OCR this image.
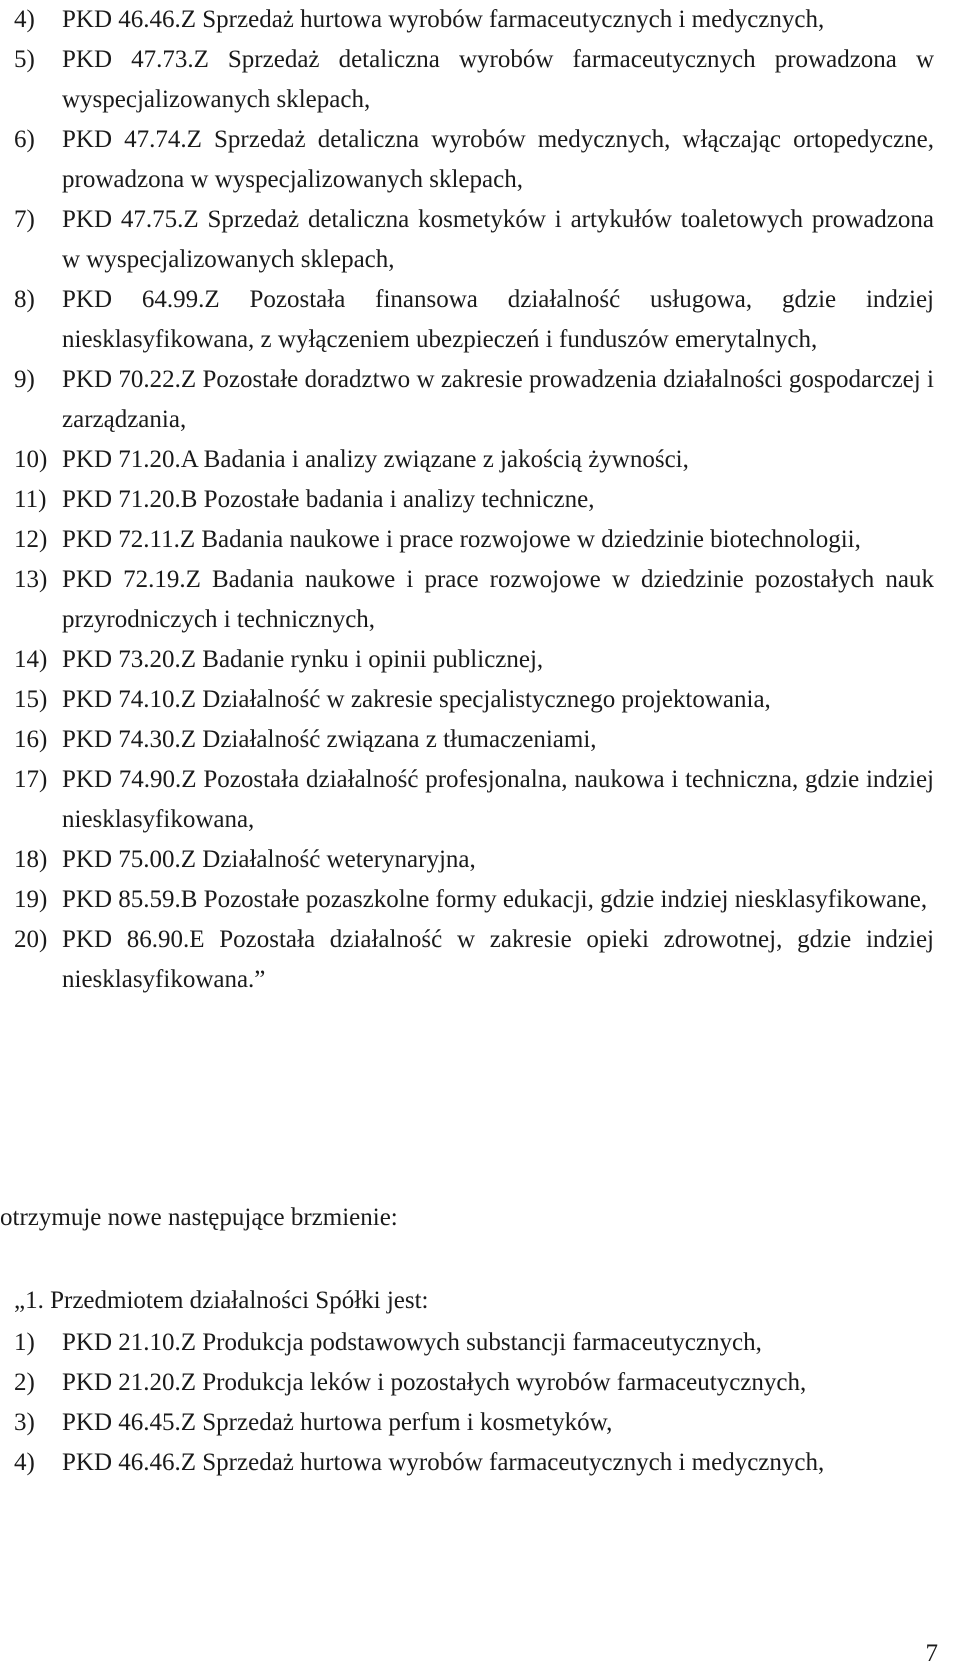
4)	PKD 46.46.Z Sprzedaż hurtowa wyrobów farmaceutycznych i medycznych,
5)	PKD 47.73.Z Sprzedaż detaliczna wyrobów farmaceutycznych prowadzona w wyspecjalizowanych sklepach,
6)	PKD 47.74.Z Sprzedaż detaliczna wyrobów medycznych, włączając ortopedyczne, prowadzona w wyspecjalizowanych sklepach,
7)	PKD 47.75.Z Sprzedaż detaliczna kosmetyków i artykułów toaletowych prowadzona w wyspecjalizowanych sklepach,
8)	PKD 64.99.Z Pozostała finansowa działalność usługowa, gdzie indziej niesklasyfikowana, z wyłączeniem ubezpieczeń i funduszów emerytalnych,
9)	PKD 70.22.Z Pozostałe doradztwo w zakresie prowadzenia działalności gospodarczej i zarządzania,
10) PKD 71.20.A Badania i analizy związane z jakością żywności,
11) PKD 71.20.B Pozostałe badania i analizy techniczne,
12) PKD 72.11.Z Badania naukowe i prace rozwojowe w dziedzinie biotechnologii,
13) PKD 72.19.Z Badania naukowe i prace rozwojowe w dziedzinie pozostałych nauk przyrodniczych i technicznych,
14) PKD 73.20.Z Badanie rynku i opinii publicznej,
15) PKD 74.10.Z Działalność w zakresie specjalistycznego projektowania,
16) PKD 74.30.Z Działalność związana z tłumaczeniami,
17) PKD 74.90.Z Pozostała działalność profesjonalna, naukowa i techniczna, gdzie indziej niesklasyfikowana,
18) PKD 75.00.Z Działalność weterynaryjna,
19) PKD 85.59.B Pozostałe pozaszkolne formy edukacji, gdzie indziej niesklasyfikowane,
20) PKD 86.90.E Pozostała działalność w zakresie opieki zdrowotnej, gdzie indziej niesklasyfikowana.”
otrzymuje nowe następujące brzmienie:
„1. Przedmiotem działalności Spółki jest:
1)	PKD 21.10.Z Produkcja podstawowych substancji farmaceutycznych,
2)	PKD 21.20.Z Produkcja leków i pozostałych wyrobów farmaceutycznych,
3)	PKD 46.45.Z Sprzedaż hurtowa perfum i kosmetyków,
4)	PKD 46.46.Z Sprzedaż hurtowa wyrobów farmaceutycznych i medycznych,
7
